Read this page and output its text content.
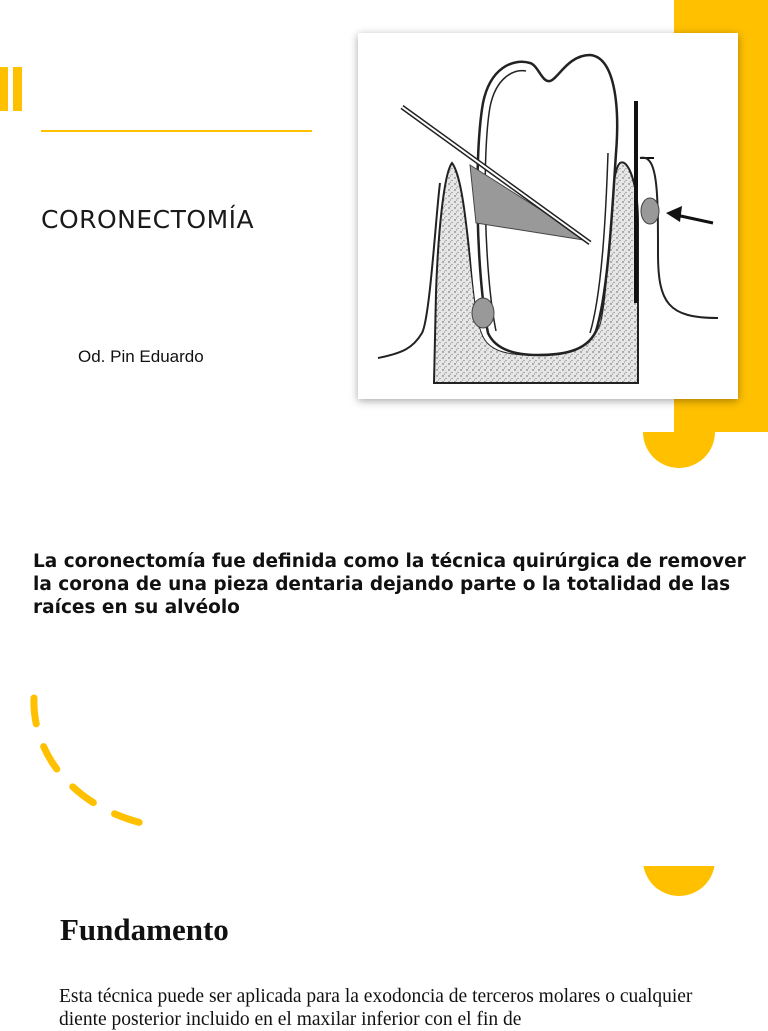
CORONECTOMÍA
Od. Pin Eduardo
La coronectomía fue definida como la técnica quirúrgica de remover la corona de una pieza dentaria dejando parte o la totalidad de las raíces en su alvéolo
Fundamento
Esta técnica puede ser aplicada para la exodoncia de terceros molares o cualquier diente posterior incluido en el maxilar inferior con el fin de
